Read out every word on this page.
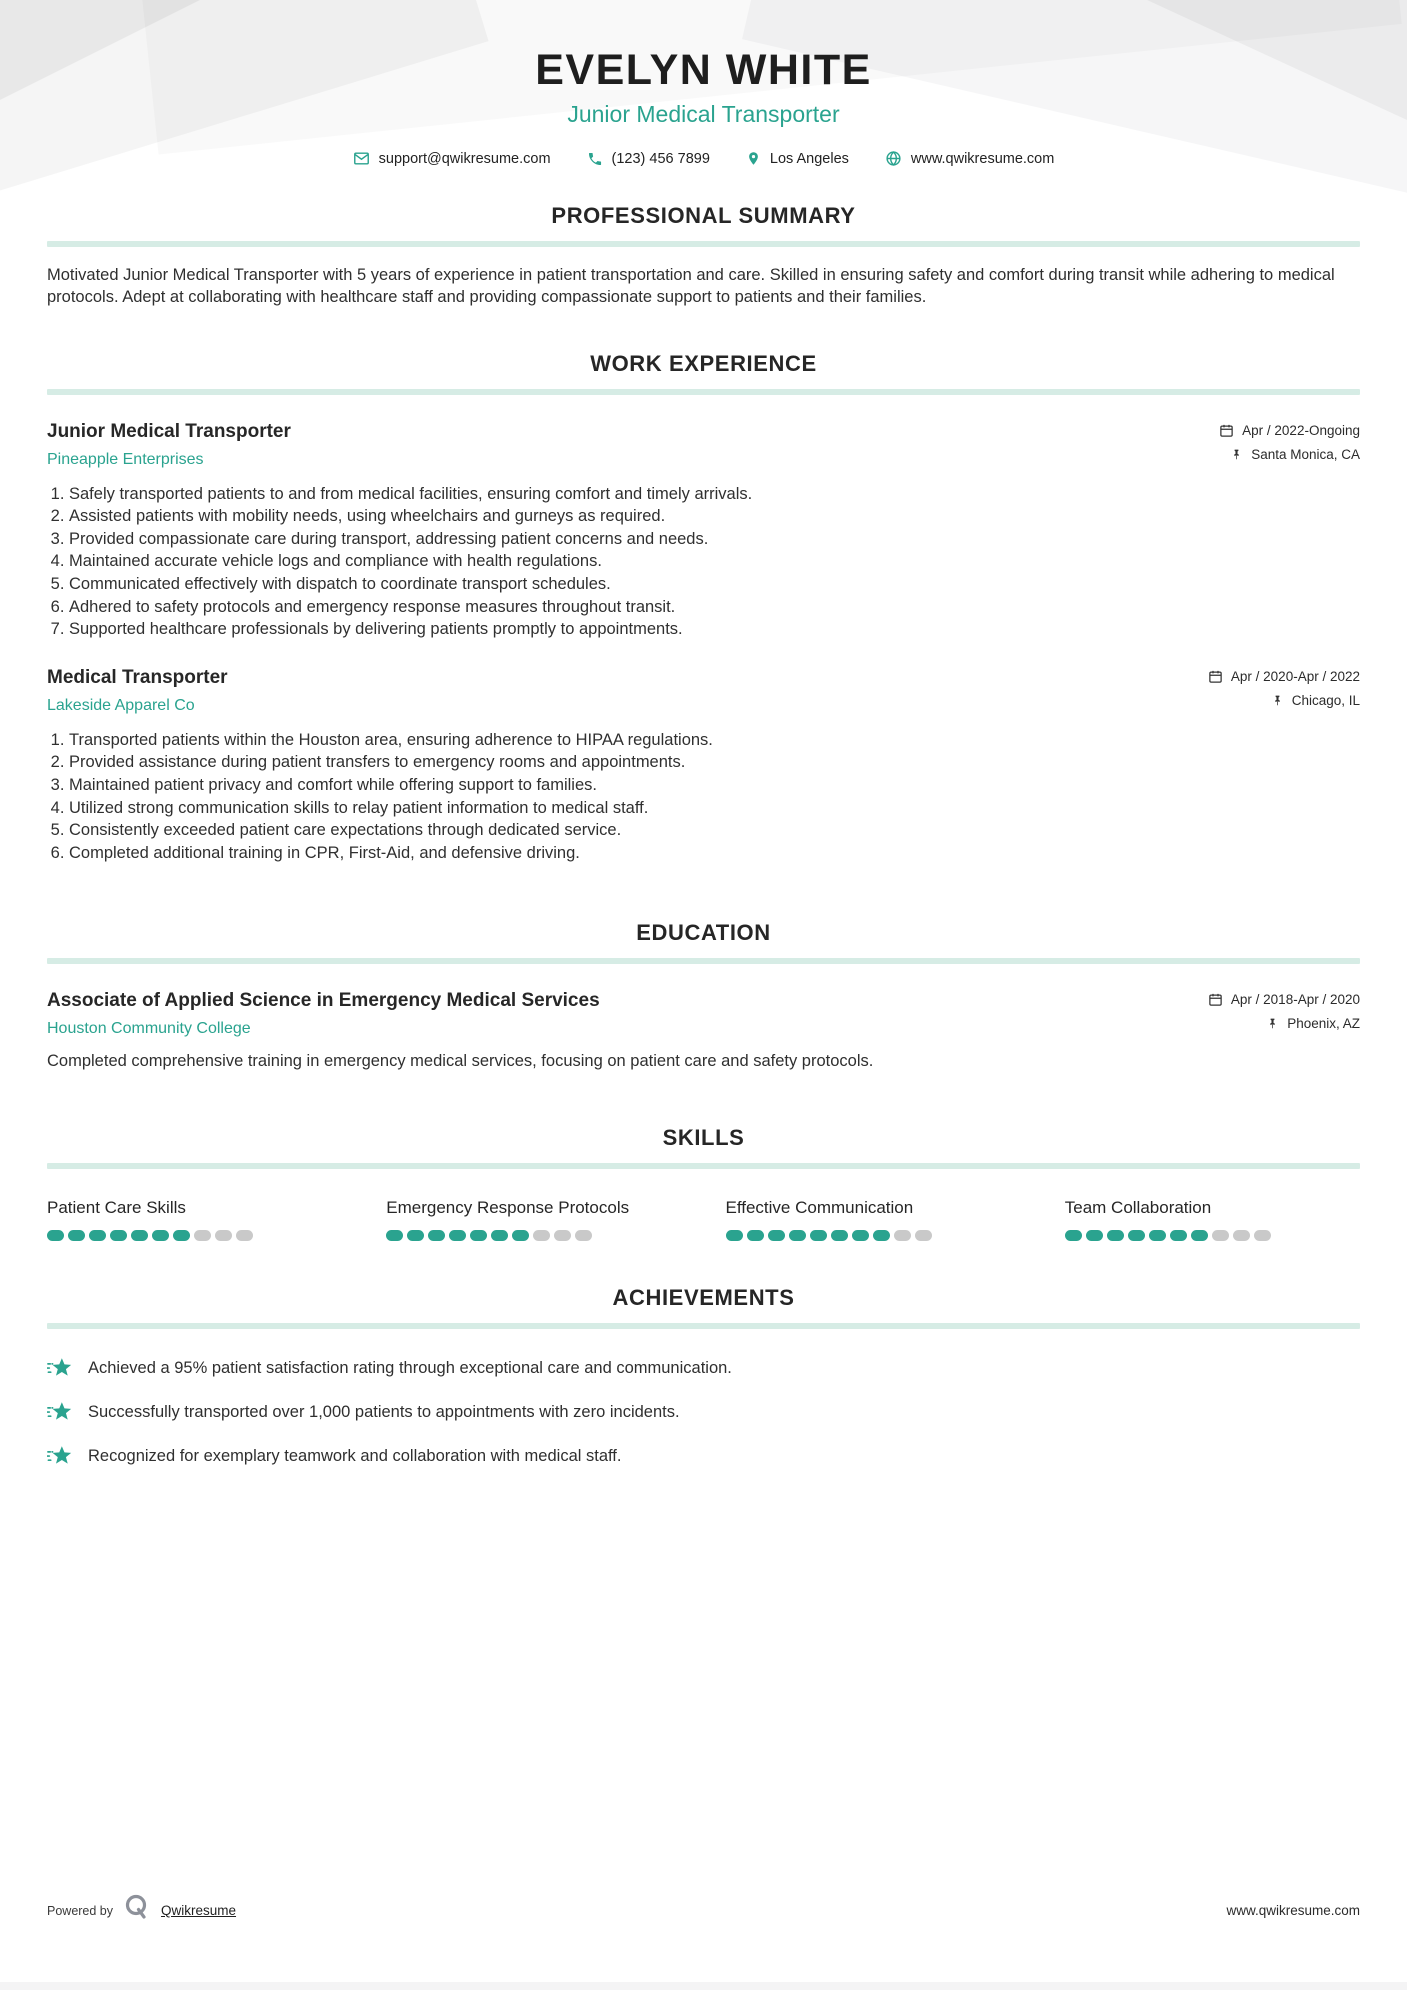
EVELYN WHITE
Junior Medical Transporter
support@qwikresume.com	(123) 456 7899	Los Angeles	www.qwikresume.com
PROFESSIONAL SUMMARY

Motivated Junior Medical Transporter with 5 years of experience in patient transportation and care. Skilled in ensuring safety and comfort during transit while adhering to medical protocols. Adept at collaborating with healthcare staff and providing compassionate support to patients and their families.

WORK EXPERIENCE
Junior Medical Transporter
Pineapple Enterprises
Apr / 2022-Ongoing
Santa Monica, CA
1. Safely transported patients to and from medical facilities, ensuring comfort and timely arrivals.
2. Assisted patients with mobility needs, using wheelchairs and gurneys as required.
3. Provided compassionate care during transport, addressing patient concerns and needs.
4. Maintained accurate vehicle logs and compliance with health regulations.
5. Communicated effectively with dispatch to coordinate transport schedules.
6. Adhered to safety protocols and emergency response measures throughout transit.
7. Supported healthcare professionals by delivering patients promptly to appointments.
Medical Transporter
Lakeside Apparel Co
Apr / 2020-Apr / 2022
Chicago, IL
1. Transported patients within the Houston area, ensuring adherence to HIPAA regulations.
2. Provided assistance during patient transfers to emergency rooms and appointments.
3. Maintained patient privacy and comfort while offering support to families.
4. Utilized strong communication skills to relay patient information to medical staff.
5. Consistently exceeded patient care expectations through dedicated service.
6. Completed additional training in CPR, First-Aid, and defensive driving.
EDUCATION
Associate of Applied Science in Emergency Medical Services
Houston Community College
Apr / 2018-Apr / 2020
Phoenix, AZ

Completed comprehensive training in emergency medical services, focusing on patient care and safety protocols.

SKILLS
Patient Care Skills	Emergency Response Protocols	Effective Communication	Team Collaboration
ACHIEVEMENTS
Achieved a 95% patient satisfaction rating through exceptional care and communication.
Successfully transported over 1,000 patients to appointments with zero incidents.
Recognized for exemplary teamwork and collaboration with medical staff.
Powered by	Qwikresume	www.qwikresume.com
